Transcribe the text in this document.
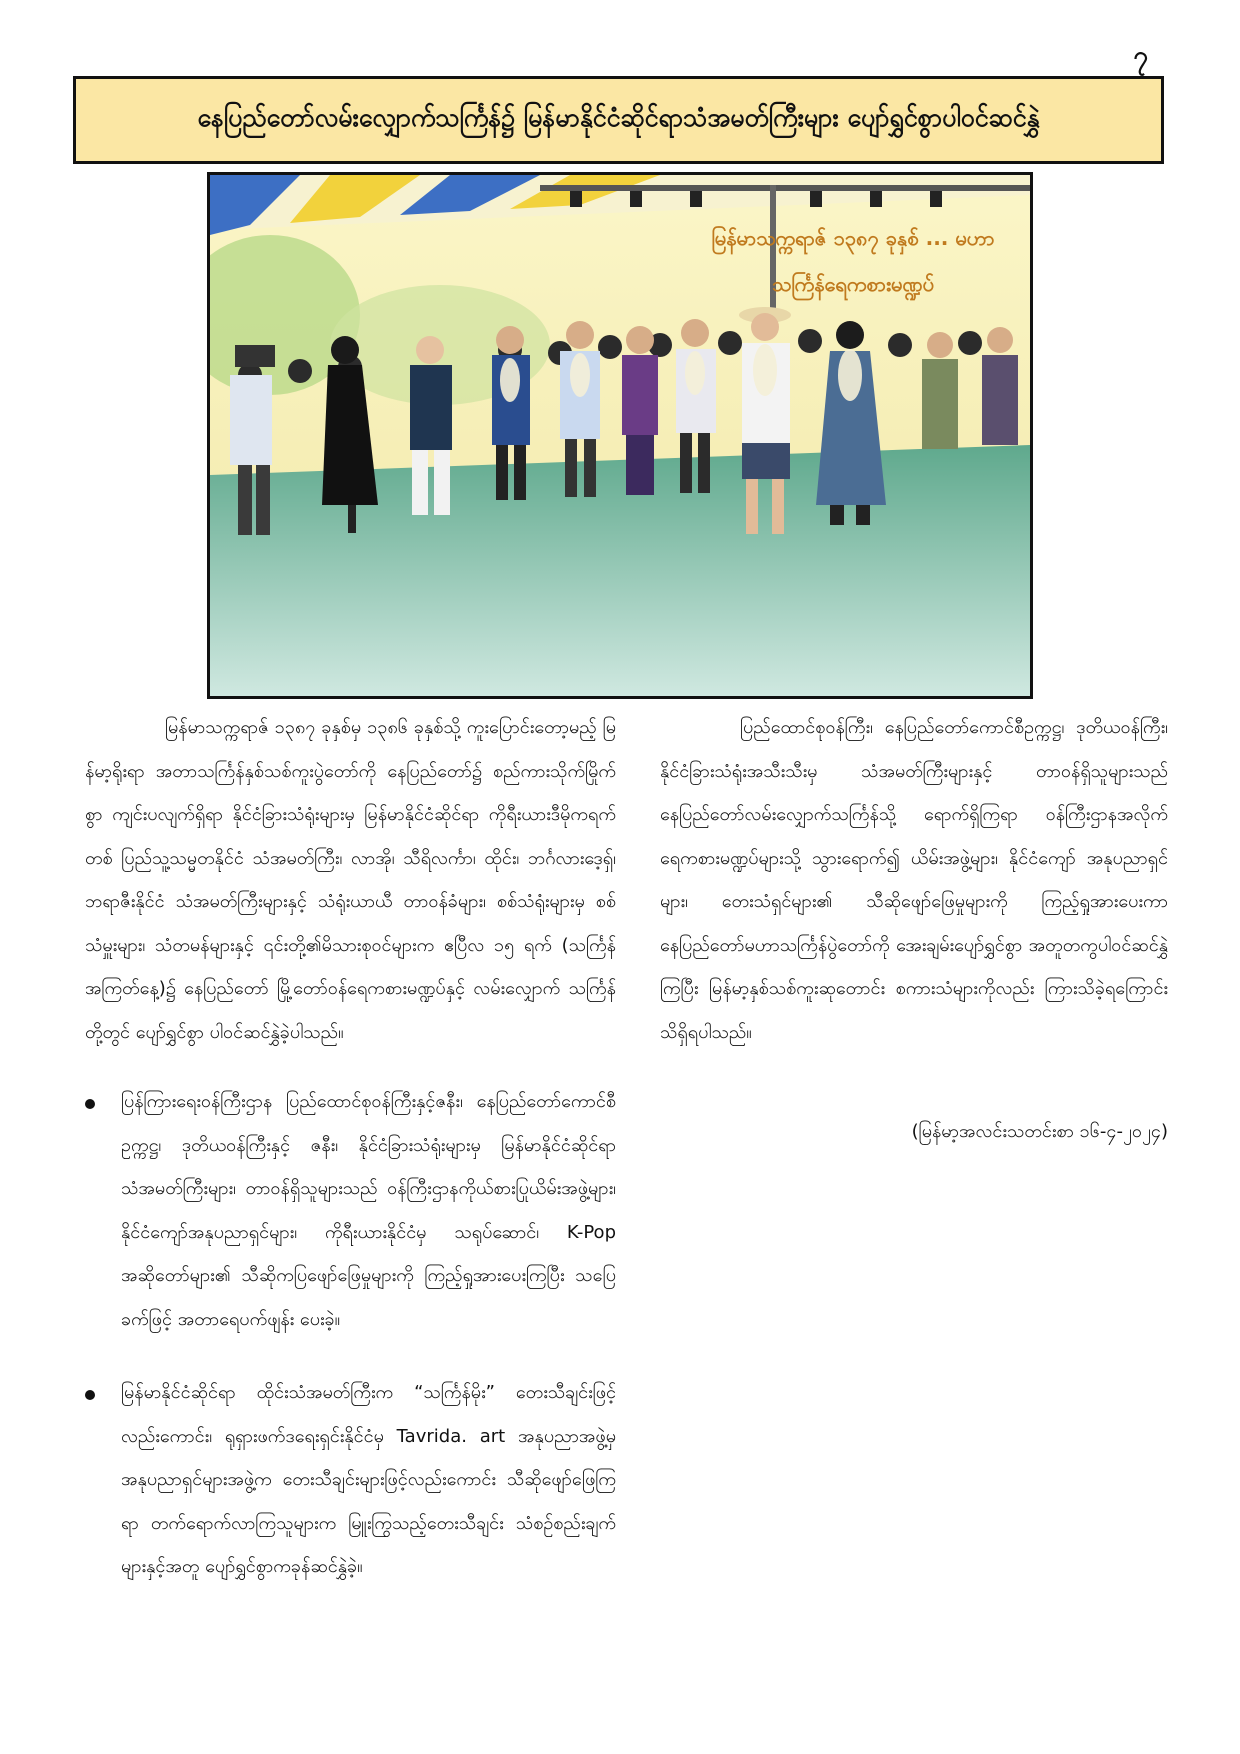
၇
နေပြည်တော်လမ်းလျှောက်သင်္ကြန်၌ မြန်မာနိုင်ငံဆိုင်ရာသံအမတ်ကြီးများ ပျော်ရွှင်စွာပါဝင်ဆင်နွှဲ
မြန်မာသက္ကရာဇ် ၁၃၈၇ ခုနှစ် ... မဟာသင်္ကြန်ရေကစားမဏ္ဍပ်

မြန်မာသက္ကရာဇ် ၁၃၈၇ ခုနှစ်မှ ၁၃၈၆ ခုနှစ်သို့ ကူးပြောင်းတော့မည့် မြန်မာ့ရိုးရာ အတာသင်္ကြန်နှစ်သစ်ကူးပွဲတော်ကို နေပြည်တော်၌ စည်ကားသိုက်မြိုက်စွာ ကျင်းပလျက်ရှိရာ နိုင်ငံခြားသံရုံးများမှ မြန်မာနိုင်ငံဆိုင်ရာ ကိုရီးယားဒီမိုကရက်တစ် ပြည်သူ့သမ္မတနိုင်ငံ သံအမတ်ကြီး၊ လာအို၊ သီရိလင်္ကာ၊ ထိုင်း၊ ဘင်္ဂလားဒေ့ရှ်၊ ဘရာဇီးနိုင်ငံ သံအမတ်ကြီးများနှင့် သံရုံးယာယီ တာဝန်ခံများ၊ စစ်သံရုံးများမှ စစ်သံမှူးများ၊ သံတမန်များနှင့် ၎င်းတို့၏မိသားစုဝင်များက ဧပြီလ ၁၅ ရက် (သင်္ကြန်အကြတ်နေ့)၌ နေပြည်တော် မြို့တော်ဝန်ရေကစားမဏ္ဍပ်နှင့် လမ်းလျှောက် သင်္ကြန်တို့တွင် ပျော်ရွှင်စွာ ပါဝင်ဆင်နွှဲခဲ့ပါသည်။

ပြန်ကြားရေးဝန်ကြီးဌာန ပြည်ထောင်စုဝန်ကြီးနှင့်ဇနီး၊ နေပြည်တော်ကောင်စီဥက္ကဋ္ဌ၊ ဒုတိယဝန်ကြီးနှင့် ဇနီး၊ နိုင်ငံခြားသံရုံးများမှ မြန်မာနိုင်ငံဆိုင်ရာ သံအမတ်ကြီးများ၊ တာဝန်ရှိသူများသည် ဝန်ကြီးဌာနကိုယ်စားပြုယိမ်းအဖွဲ့များ၊ နိုင်ငံကျော်အနုပညာရှင်များ၊ ကိုရီးယားနိုင်ငံမှ သရုပ်ဆောင်၊ K-Pop အဆိုတော်များ၏ သီဆိုကပြဖျော်ဖြေမှုများကို ကြည့်ရှုအားပေးကြပြီး သပြေခက်ဖြင့် အတာရေပက်ဖျန်း ပေးခဲ့။
မြန်မာနိုင်ငံဆိုင်ရာ ထိုင်းသံအမတ်ကြီးက “သင်္ကြန်မိုး” တေးသီချင်းဖြင့်လည်းကောင်း၊ ရုရှားဖက်ဒရေးရှင်းနိုင်ငံမှ Tavrida. art အနုပညာအဖွဲ့မှ အနုပညာရှင်များအဖွဲ့က တေးသီချင်းများဖြင့်လည်းကောင်း သီဆိုဖျော်ဖြေကြရာ တက်ရောက်လာကြသူများက မြူးကြွသည့်တေးသီချင်း သံစဉ်စည်းချက်များနှင့်အတူ ပျော်ရွှင်စွာကခုန်ဆင်နွှဲခဲ့။

ပြည်ထောင်စုဝန်ကြီး၊ နေပြည်တော်ကောင်စီဥက္ကဋ္ဌ၊ ဒုတိယဝန်ကြီး၊ နိုင်ငံခြားသံရုံးအသီးသီးမှ သံအမတ်ကြီးများနှင့် တာဝန်ရှိသူများသည် နေပြည်တော်လမ်းလျှောက်သင်္ကြန်သို့ ရောက်ရှိကြရာ ဝန်ကြီးဌာနအလိုက် ရေကစားမဏ္ဍပ်များသို့ သွားရောက်၍ ယိမ်းအဖွဲ့များ၊ နိုင်ငံကျော် အနုပညာရှင်များ၊ တေးသံရှင်များ၏ သီဆိုဖျော်ဖြေမှုများကို ကြည့်ရှုအားပေးကာ နေပြည်တော်မဟာသင်္ကြန်ပွဲတော်ကို အေးချမ်းပျော်ရွှင်စွာ အတူတကွပါဝင်ဆင်နွှဲကြပြီး မြန်မာ့နှစ်သစ်ကူးဆုတောင်း စကားသံများကိုလည်း ကြားသိခဲ့ရကြောင်း သိရှိရပါသည်။

(မြန်မာ့အလင်းသတင်းစာ ၁၆-၄-၂၀၂၄)
